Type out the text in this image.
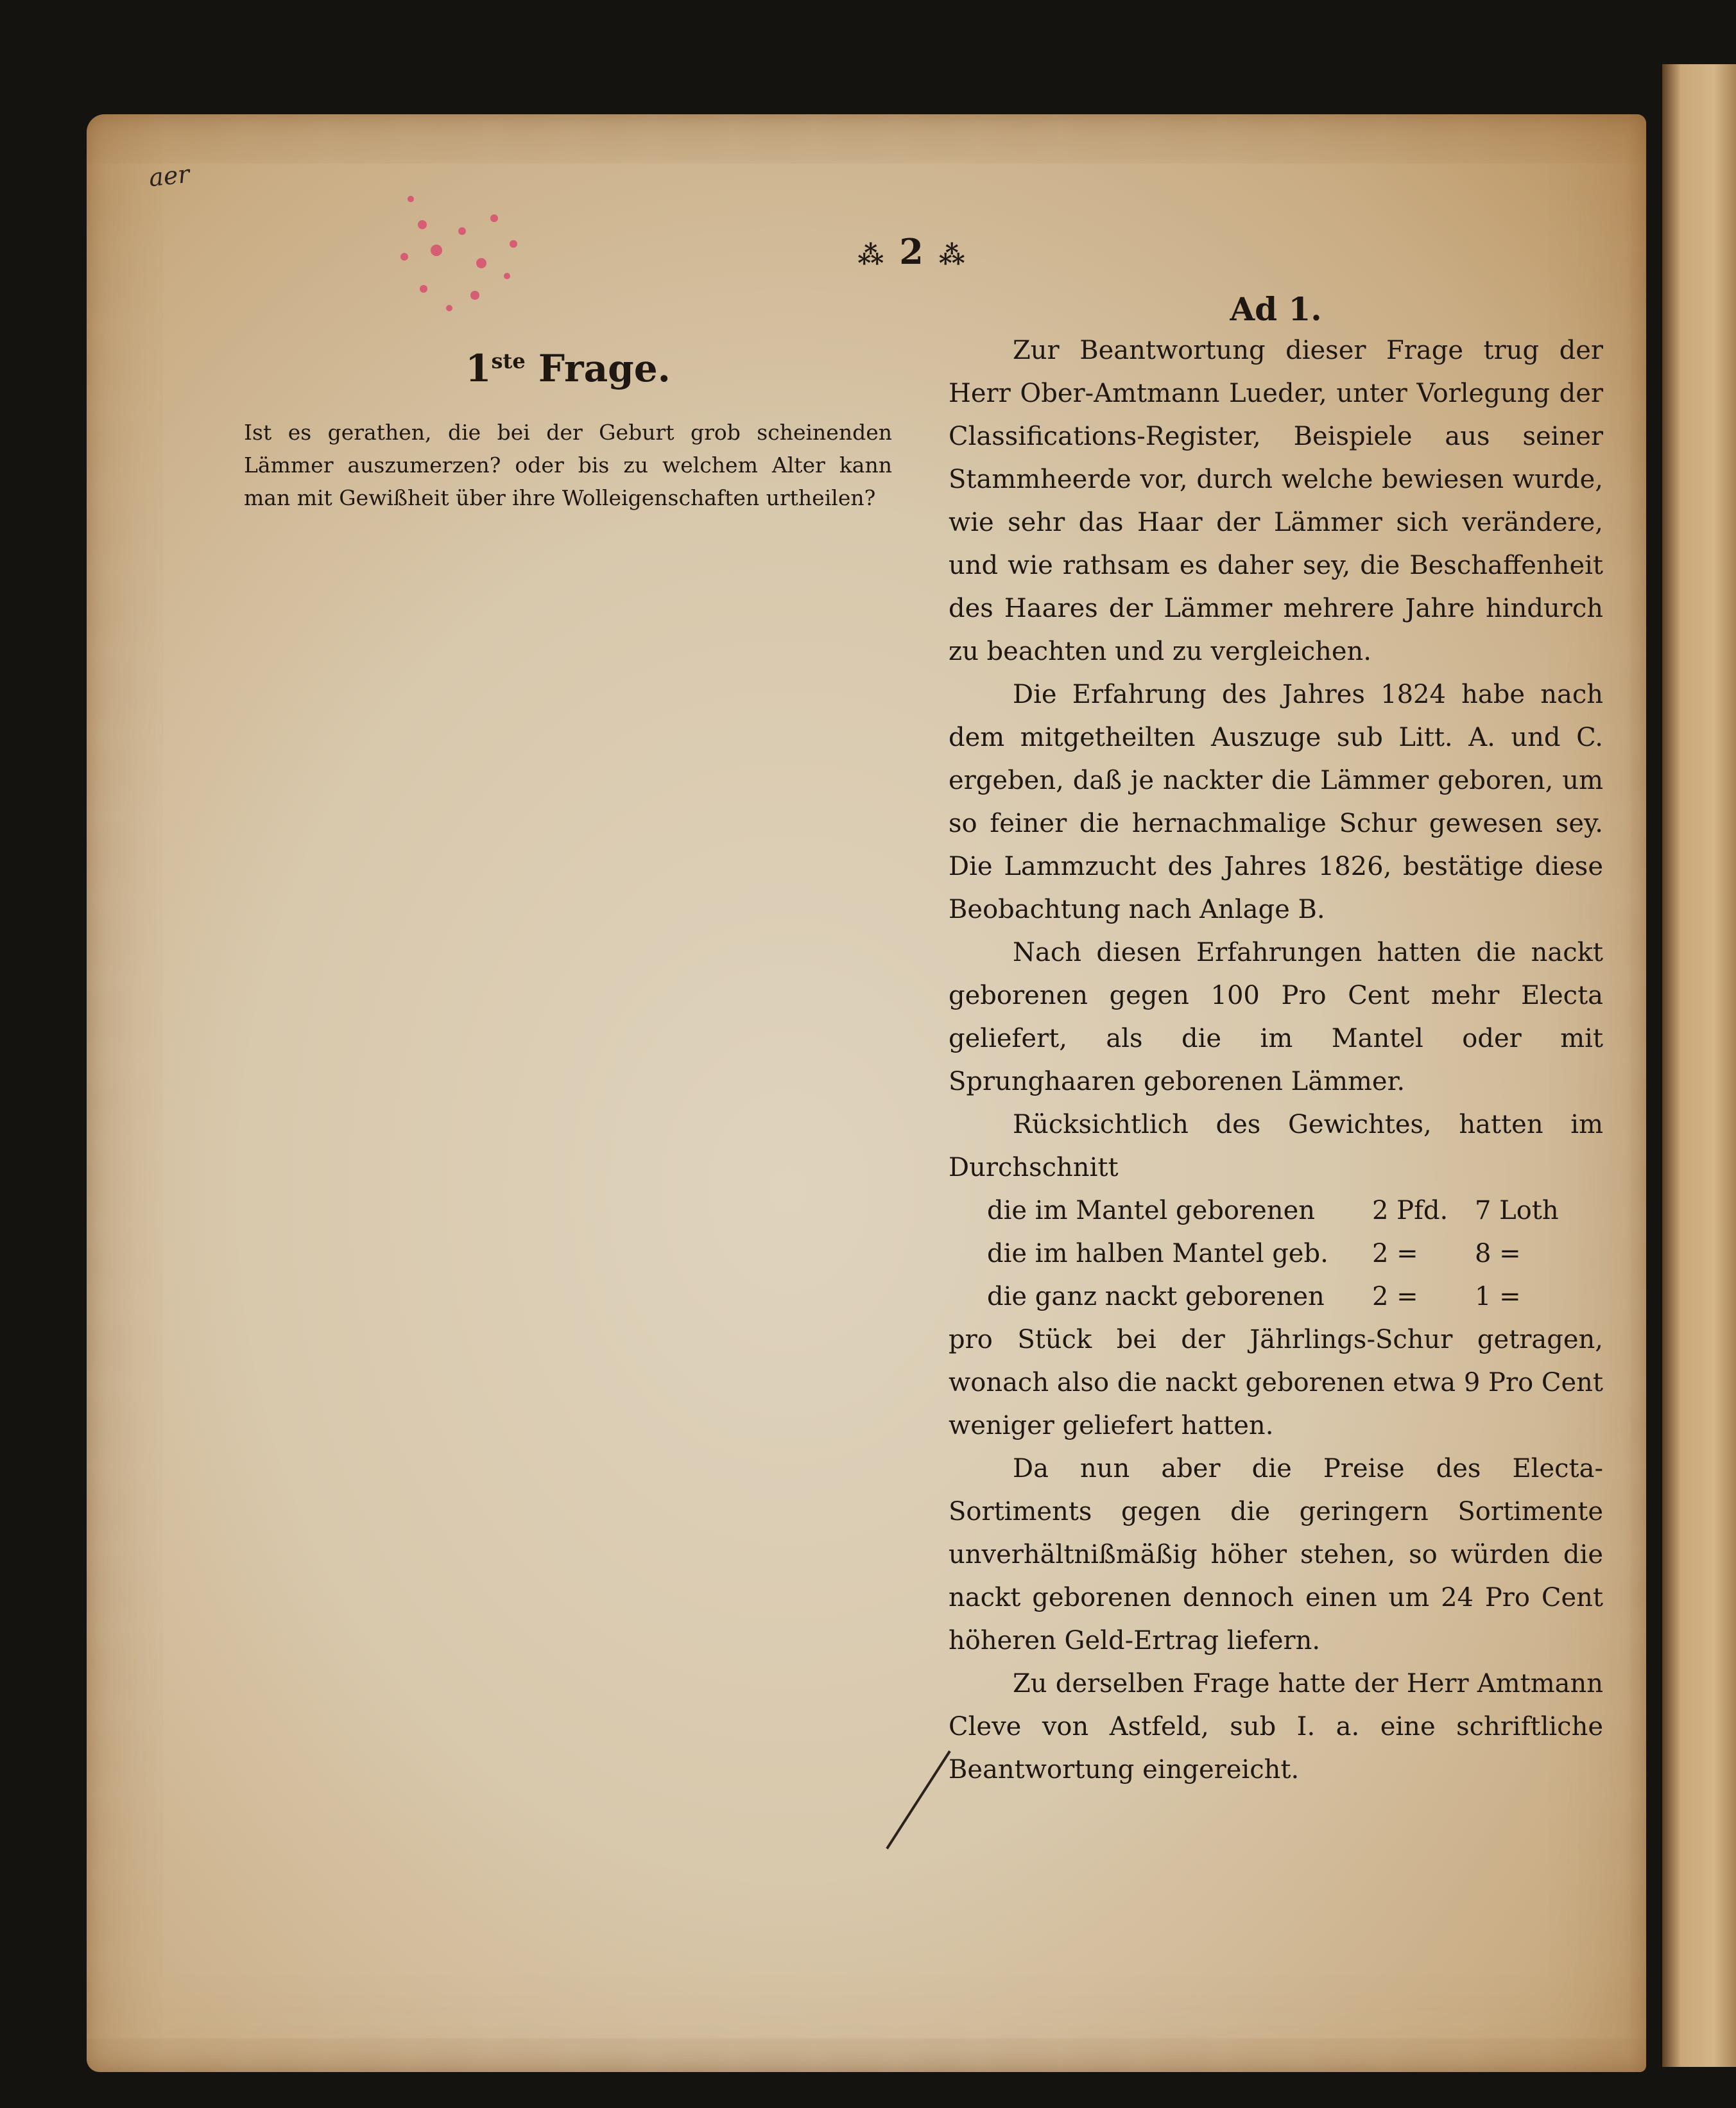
aer
⁂ 2 ⁂

1ste Frage.

Ist es gerathen, die bei der Geburt grob scheinenden Lämmer auszumerzen? oder bis zu welchem Alter kann man mit Gewißheit über ihre Wolleigenschaften urtheilen?

Ad 1.

Zur Beantwortung dieser Frage trug der Herr Ober-Amtmann Lueder, unter Vorlegung der Classifications-Register, Beispiele aus seiner Stammheerde vor, durch welche bewiesen wurde, wie sehr das Haar der Lämmer sich verändere, und wie rathsam es daher sey, die Beschaffenheit des Haares der Lämmer mehrere Jahre hindurch zu beachten und zu vergleichen.

Die Erfahrung des Jahres 1824 habe nach dem mitgetheilten Auszuge sub Litt. A. und C. ergeben, daß je nackter die Lämmer geboren, um so feiner die hernachmalige Schur gewesen sey. Die Lammzucht des Jahres 1826, bestätige diese Beobachtung nach Anlage B.

Nach diesen Erfahrungen hatten die nackt geborenen gegen 100 Pro Cent mehr Electa geliefert, als die im Mantel oder mit Sprunghaaren geborenen Lämmer.

Rücksichtlich des Gewichtes, hatten im Durchschnitt

die im Mantel geborenen	2 Pfd.	7 Loth
die im halben Mantel geb.	2 =	8 =
die ganz nackt geborenen	2 =	1 =

pro Stück bei der Jährlings-Schur getragen, wonach also die nackt geborenen etwa 9 Pro Cent weniger geliefert hatten.

Da nun aber die Preise des Electa-Sortiments gegen die geringern Sortimente unverhältnißmäßig höher stehen, so würden die nackt geborenen dennoch einen um 24 Pro Cent höheren Geld-Ertrag liefern.

Zu derselben Frage hatte der Herr Amtmann Cleve von Astfeld, sub I. a. eine schriftliche Beantwortung eingereicht.
